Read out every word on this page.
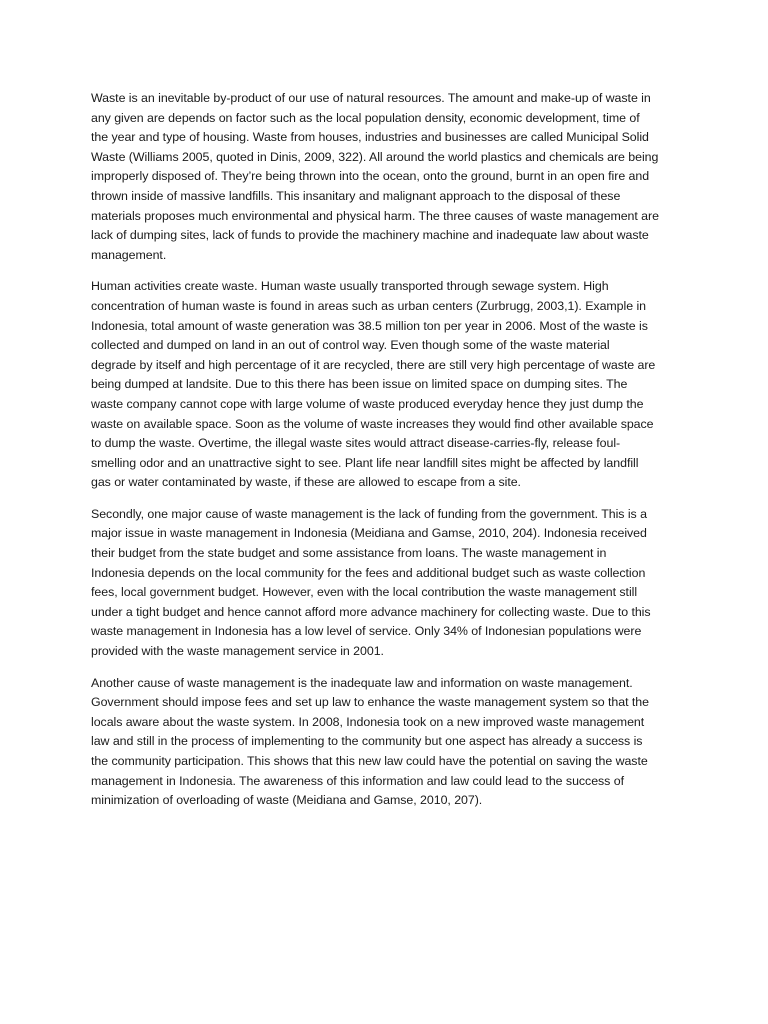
Waste is an inevitable by-product of our use of natural resources. The amount and make-up of waste in
any given are depends on factor such as the local population density, economic development, time of
the year and type of housing. Waste from houses, industries and businesses are called Municipal Solid
Waste (Williams 2005, quoted in Dinis, 2009, 322). All around the world plastics and chemicals are being
improperly disposed of. They’re being thrown into the ocean, onto the ground, burnt in an open fire and
thrown inside of massive landfills. This insanitary and malignant approach to the disposal of these
materials proposes much environmental and physical harm. The three causes of waste management are
lack of dumping sites, lack of funds to provide the machinery machine and inadequate law about waste
management.
Human activities create waste. Human waste usually transported through sewage system. High
concentration of human waste is found in areas such as urban centers (Zurbrugg, 2003,1). Example in
Indonesia, total amount of waste generation was 38.5 million ton per year in 2006. Most of the waste is
collected and dumped on land in an out of control way. Even though some of the waste material
degrade by itself and high percentage of it are recycled, there are still very high percentage of waste are
being dumped at landsite. Due to this there has been issue on limited space on dumping sites. The
waste company cannot cope with large volume of waste produced everyday hence they just dump the
waste on available space. Soon as the volume of waste increases they would find other available space
to dump the waste. Overtime, the illegal waste sites would attract disease-carries-fly, release foul-
smelling odor and an unattractive sight to see. Plant life near landfill sites might be affected by landfill
gas or water contaminated by waste, if these are allowed to escape from a site.
Secondly, one major cause of waste management is the lack of funding from the government. This is a
major issue in waste management in Indonesia (Meidiana and Gamse, 2010, 204). Indonesia received
their budget from the state budget and some assistance from loans. The waste management in
Indonesia depends on the local community for the fees and additional budget such as waste collection
fees, local government budget. However, even with the local contribution the waste management still
under a tight budget and hence cannot afford more advance machinery for collecting waste. Due to this
waste management in Indonesia has a low level of service. Only 34% of Indonesian populations were
provided with the waste management service in 2001.
Another cause of waste management is the inadequate law and information on waste management.
Government should impose fees and set up law to enhance the waste management system so that the
locals aware about the waste system. In 2008, Indonesia took on a new improved waste management
law and still in the process of implementing to the community but one aspect has already a success is
the community participation. This shows that this new law could have the potential on saving the waste
management in Indonesia. The awareness of this information and law could lead to the success of
minimization of overloading of waste (Meidiana and Gamse, 2010, 207).
